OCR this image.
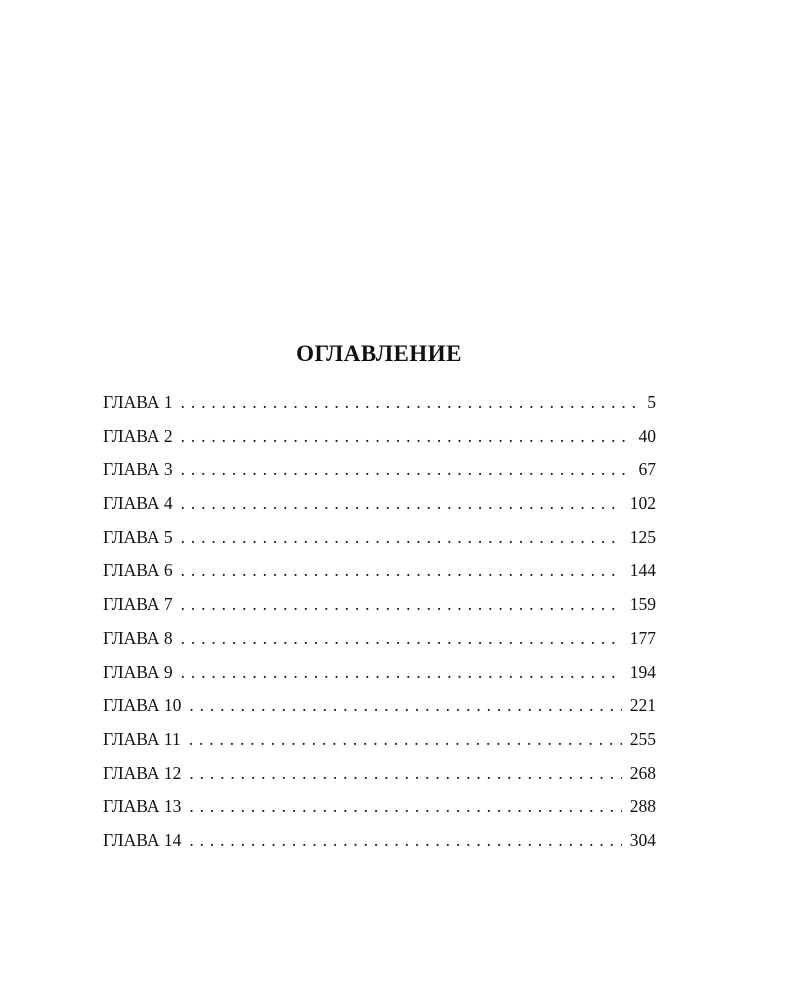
ОГЛАВЛЕНИЕ
ГЛАВА 1 . . .	5
ГЛАВА 2 . . .	40
ГЛАВА 3 . . .	67
ГЛАВА 4 . . .	102
ГЛАВА 5 . . .	125
ГЛАВА 6 . . .	144
ГЛАВА 7 . . .	159
ГЛАВА 8 . . .	177
ГЛАВА 9 . . .	194
ГЛАВА 10 . . .	221
ГЛАВА 11 . . .	255
ГЛАВА 12 . . .	268
ГЛАВА 13 . . .	288
ГЛАВА 14 . . .	304
